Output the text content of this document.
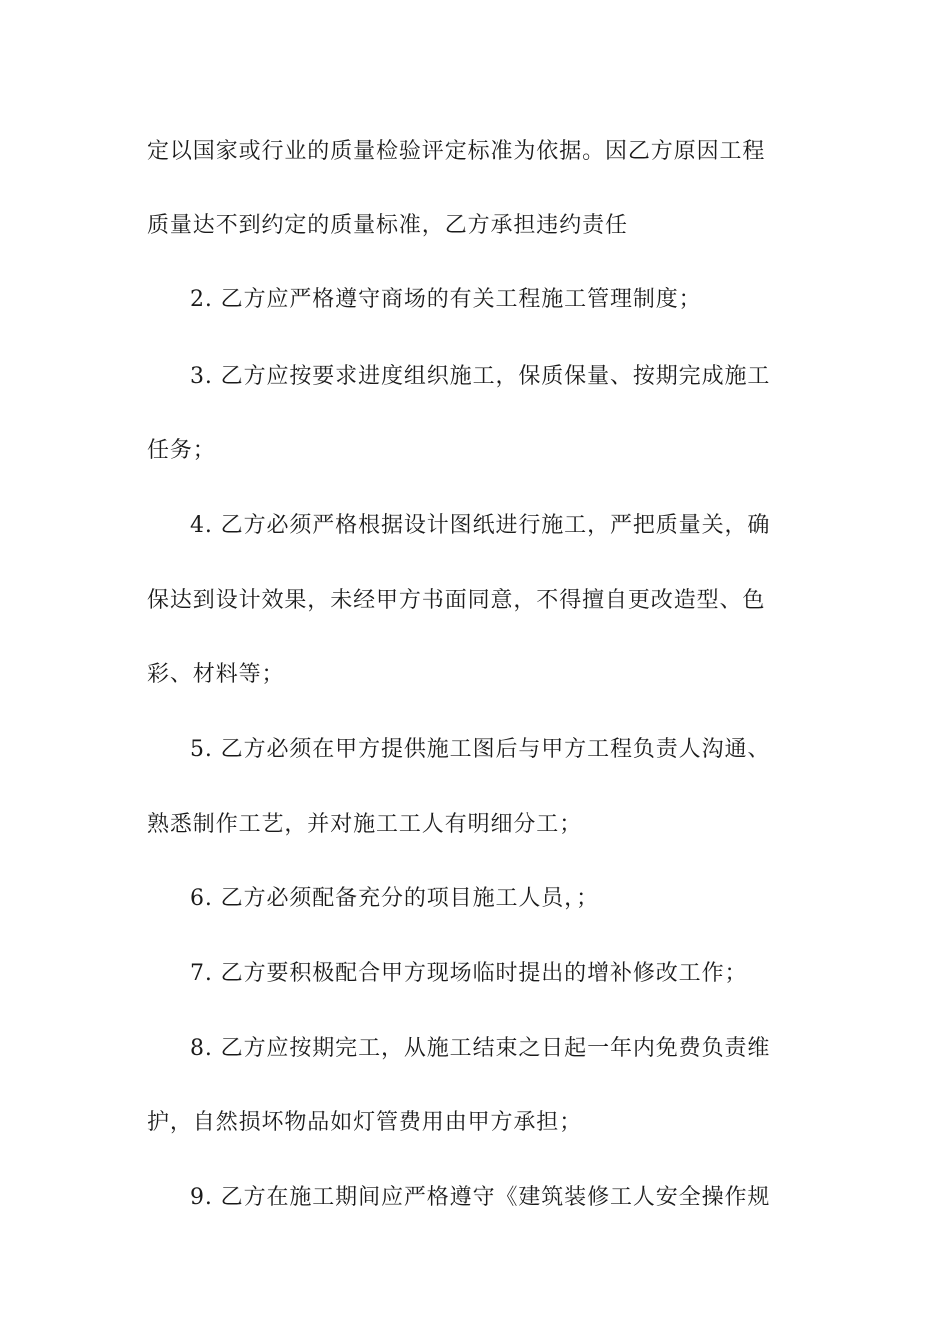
定以国家或行业的质量检验评定标准为依据。因乙方原因工程
质量达不到约定的质量标准，乙方承担违约责任
2. 乙方应严格遵守商场的有关工程施工管理制度；
3. 乙方应按要求进度组织施工，保质保量、按期完成施工
任务；
4. 乙方必须严格根据设计图纸进行施工，严把质量关，确
保达到设计效果，未经甲方书面同意，不得擅自更改造型、色
彩、材料等；
5. 乙方必须在甲方提供施工图后与甲方工程负责人沟通、
熟悉制作工艺，并对施工工人有明细分工；
6. 乙方必须配备充分的项目施工人员，；
7. 乙方要积极配合甲方现场临时提出的增补修改工作；
8. 乙方应按期完工，从施工结束之日起一年内免费负责维
护，自然损坏物品如灯管费用由甲方承担；
9. 乙方在施工期间应严格遵守《建筑装修工人安全操作规
